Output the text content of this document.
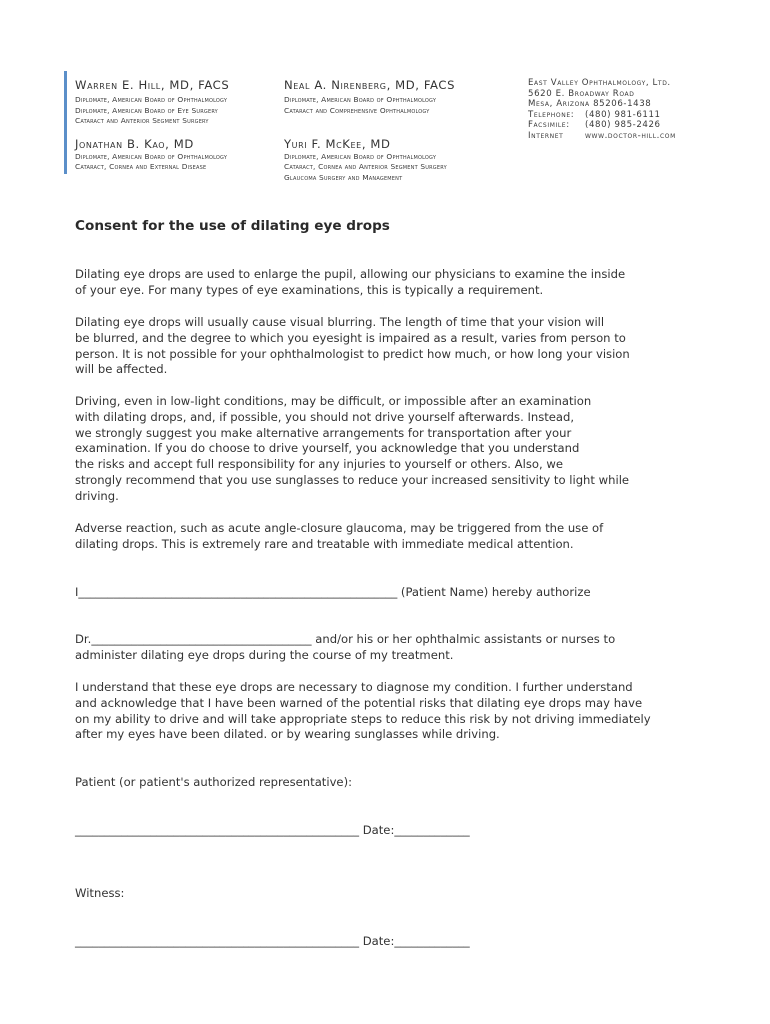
Warren E. Hill, MD, FACS
Diplomate, American Board of Ophthalmology
Diplomate, American Board of Eye Surgery
Cataract and Anterior Segment Surgery
Jonathan B. Kao, MD
Diplomate, American Board of Ophthalmology
Cataract, Cornea and External Disease
Neal A. Nirenberg, MD, FACS
Diplomate, American Board of Ophthalmology
Cataract and Comprehensive Ophthalmology
Yuri F. McKee, MD
Diplomate, American Board of Ophthalmology
Cataract, Cornea and Anterior Segment Surgery
Glaucoma Surgery and Management
East Valley Ophthalmology, Ltd.
5620 E. Broadway Road
Mesa, Arizona 85206-1438
Telephone:	(480) 981-6111
Facsimile:	(480) 985-2426
Internet	www.doctor-hill.com
Consent for the use of dilating eye drops
Dilating eye drops are used to enlarge the pupil, allowing our physicians to examine the inside
of your eye. For many types of eye examinations, this is typically a requirement.
Dilating eye drops will usually cause visual blurring. The length of time that your vision will
be blurred, and the degree to which you eyesight is impaired as a result, varies from person to
person. It is not possible for your ophthalmologist to predict how much, or how long your vision
will be affected.
Driving, even in low-light conditions, may be difficult, or impossible after an examination
with dilating drops, and, if possible, you should not drive yourself afterwards. Instead,
we strongly suggest you make alternative arrangements for transportation after your
examination. If you do choose to drive yourself, you acknowledge that you understand
the risks and accept full responsibility for any injuries to yourself or others. Also, we
strongly recommend that you use sunglasses to reduce your increased sensitivity to light while
driving.
Adverse reaction, such as acute angle-closure glaucoma, may be triggered from the use of
dilating drops. This is extremely rare and treatable with immediate medical attention.
I_______________________________________________________ (Patient Name) hereby authorize
Dr.______________________________________ and/or his or her ophthalmic assistants or nurses to
administer dilating eye drops during the course of my treatment.
I understand that these eye drops are necessary to diagnose my condition. I further understand
and acknowledge that I have been warned of the potential risks that dilating eye drops may have
on my ability to drive and will take appropriate steps to reduce this risk by not driving immediately
after my eyes have been dilated. or by wearing sunglasses while driving.
Patient (or patient's authorized representative):
_________________________________________________ Date:_____________
Witness:
_________________________________________________ Date:_____________
